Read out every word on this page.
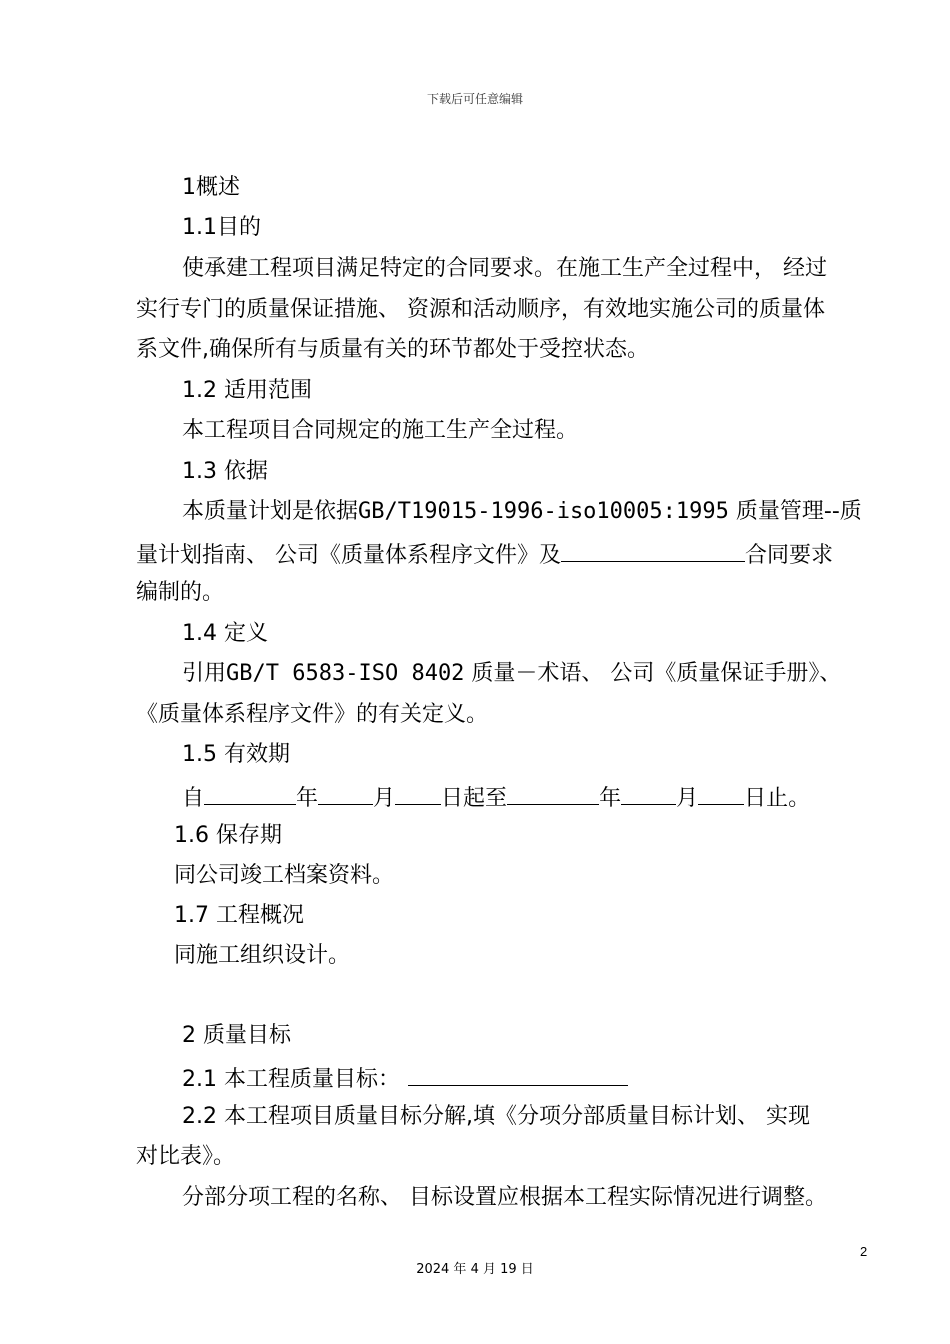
下载后可任意编辑
1概述
1.1目的
使承建工程项目满足特定的合同要求。在施工生产全过程中， 经过
实行专门的质量保证措施、 资源和活动顺序，有效地实施公司的质量体
系文件,确保所有与质量有关的环节都处于受控状态。
1.2 适用范围
本工程项目合同规定的施工生产全过程。
1.3 依据
本质量计划是依据GB/T19015-1996-iso10005:1995 质量管理--质
量计划指南、 公司《质量体系程序文件》及	合同要求
编制的。
1.4 定义
引用GB/T 6583-ISO 8402 质量－术语、 公司《质量保证手册》、
《质量体系程序文件》的有关定义。
1.5 有效期
自	年	月 日起至	年	月 日止。
1.6 保存期
同公司竣工档案资料。
1.7 工程概况
同施工组织设计。
2 质量目标
2.1 本工程质量目标：
2.2 本工程项目质量目标分解,填《分项分部质量目标计划、 实现
对比表》。
分部分项工程的名称、 目标设置应根据本工程实际情况进行调整。
2
2024 年 4 月 19 日
